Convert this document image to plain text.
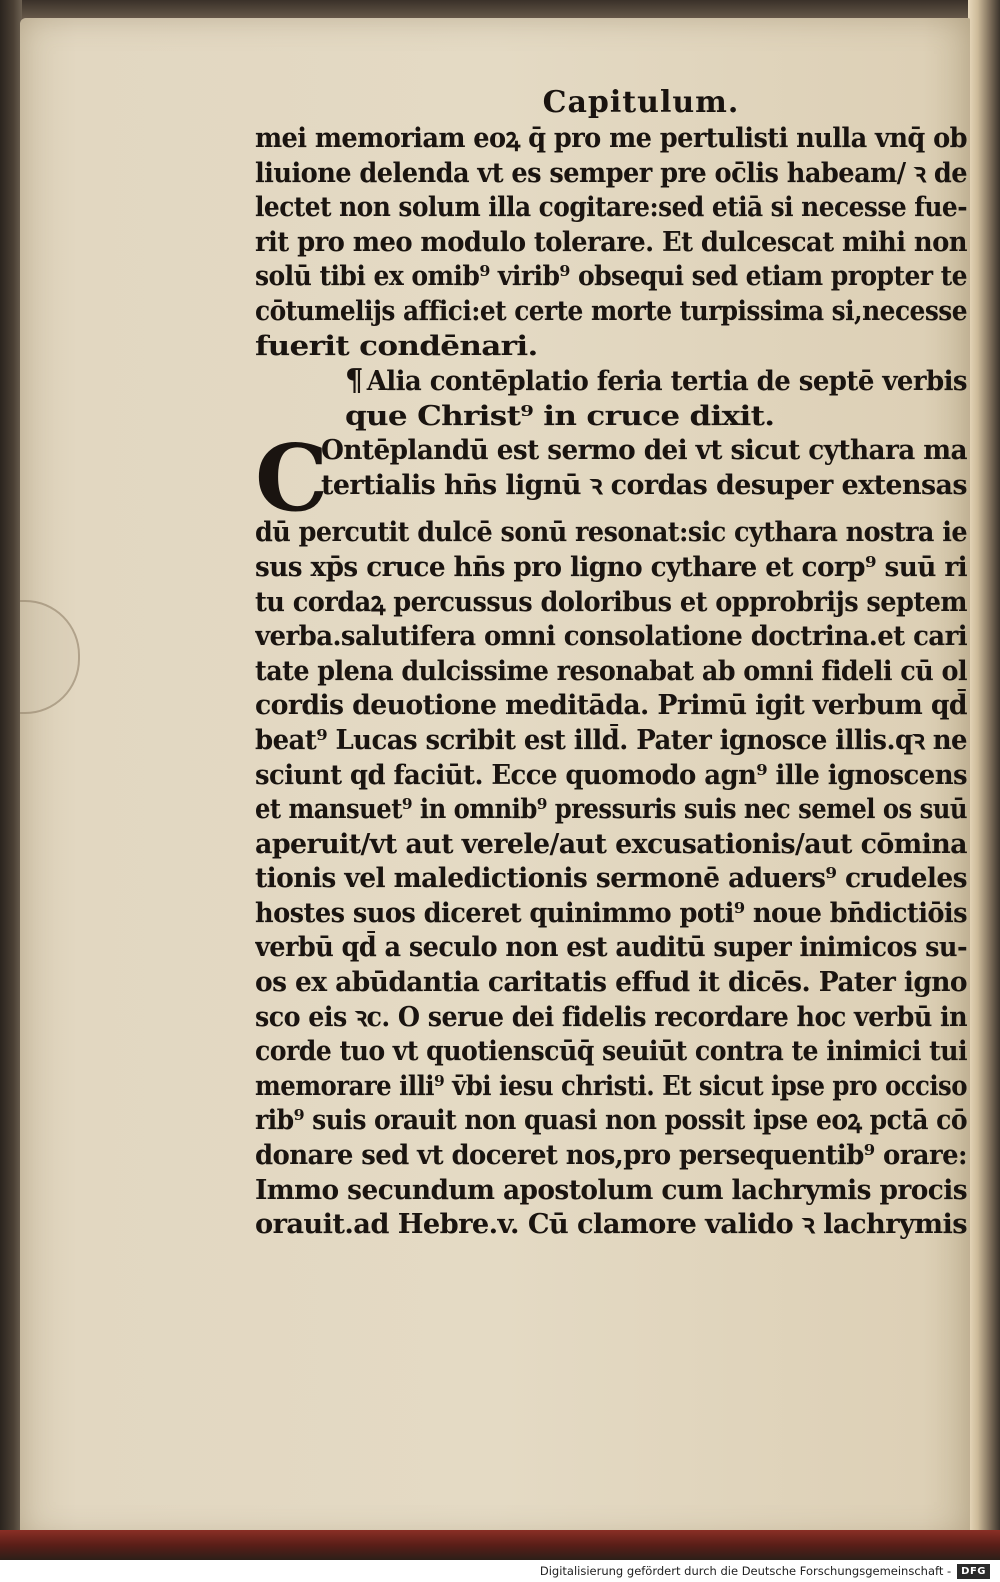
Capitulum.
mei memoriam eoꝝ q̄ pro me pertulisti nulla vnq̄ ob
liuione delenda vt es semper pre oc̄lis habeam/ ꝛ de
lectet non solum illa cogitare:sed etiā si necesse fue-
rit pro meo modulo tolerare. Et dulcescat mihi non
solū tibi ex omib⁹ virib⁹ obsequi sed etiam propter te
cōtumelijs affici:et certe morte turpissima si,necesse
fuerit condēnari.
¶ Alia contēplatio feria tertia de septē verbis
que Christ⁹ in cruce dixit.
C
Ontēplandū est sermo dei vt sicut cythara ma
tertialis hn̄s lignū ꝛ cordas desuper extensas
dū percutit dulcē sonū resonat:sic cythara nostra ie
sus xp̄s cruce hn̄s pro ligno cythare et corp⁹ suū ri
tu cordaꝝ percussus doloribus et opprobrijs septem
verba.salutifera omni consolatione doctrina.et cari
tate plena dulcissime resonabat ab omni fideli cū ol
cordis deuotione meditāda. Primū igit verbum qd̄
beat⁹ Lucas scribit est illd̄. Pater ignosce illis.qꝛ ne
sciunt qd faciūt. Ecce quomodo agn⁹ ille ignoscens
et mansuet⁹ in omnib⁹ pressuris suis nec semel os suū
aperuit/vt aut verele/aut excusationis/aut cōmina
tionis vel maledictionis sermonē aduers⁹ crudeles
hostes suos diceret quinimmo poti⁹ noue bn̄dictiōis
verbū qd̄ a seculo non est auditū super inimicos su-
os ex abūdantia caritatis effud it dicēs. Pater igno
sco eis ꝛc. O serue dei fidelis recordare hoc verbū in
corde tuo vt quotienscūq̄ seuiūt contra te inimici tui
memorare illi⁹ v̄bi iesu christi. Et sicut ipse pro occiso
rib⁹ suis orauit non quasi non possit ipse eoꝝ pctā cō
donare sed vt doceret nos,pro persequentib⁹ orare:
Immo secundum apostolum cum lachrymis procis
orauit.ad Hebre.v. Cū clamore valido ꝛ lachrymis
Digitalisierung gefördert durch die Deutsche Forschungsgemeinschaft -	DFG
